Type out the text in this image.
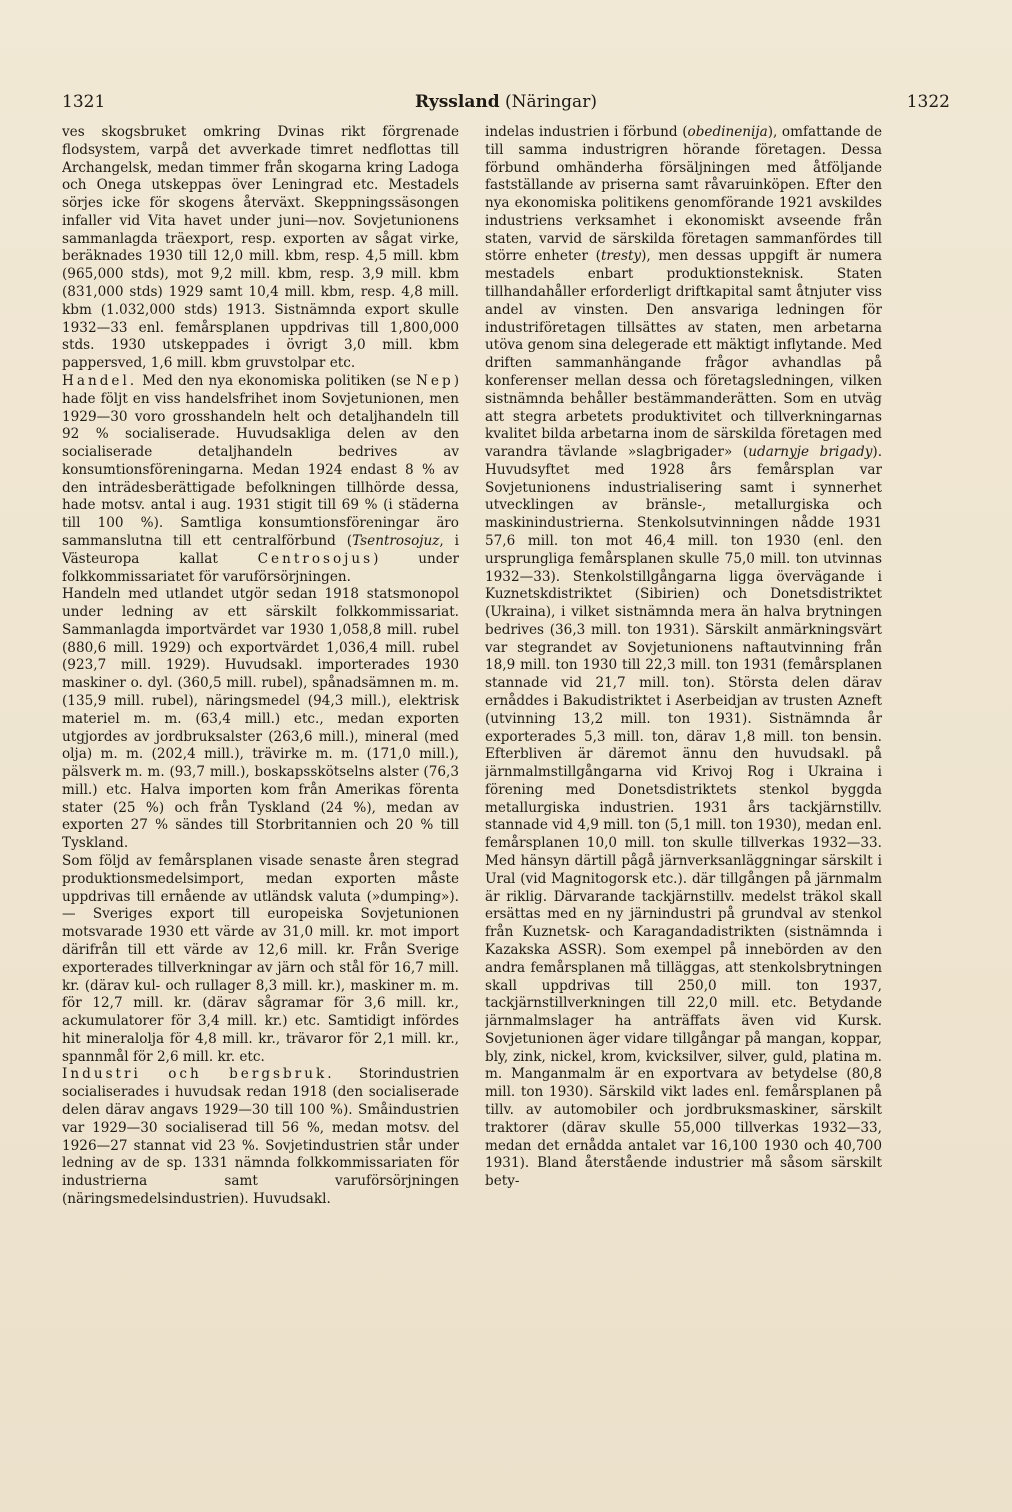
1321	Ryssland (Näringar)	1322

ves skogsbruket omkring Dvinas rikt förgrenade flodsystem, varpå det avverkade timret nedflottas till Archangelsk, medan timmer från skogarna kring Ladoga och Onega utskeppas över Leningrad etc. Mestadels sörjes icke för skogens återväxt. Skeppningssäsongen infaller vid Vita havet under juni—nov. Sovjetunionens sammanlagda träexport, resp. exporten av sågat virke, beräknades 1930 till 12,0 mill. kbm, resp. 4,5 mill. kbm (965,000 stds), mot 9,2 mill. kbm, resp. 3,9 mill. kbm (831,000 stds) 1929 samt 10,4 mill. kbm, resp. 4,8 mill. kbm (1.032,000 stds) 1913. Sistnämnda export skulle 1932—33 enl. femårsplanen uppdrivas till 1,800,000 stds. 1930 utskeppades i övrigt 3,0 mill. kbm pappersved, 1,6 mill. kbm gruvstolpar etc.

Handel. Med den nya ekonomiska politiken (se Nep) hade följt en viss handelsfrihet inom Sovjetunionen, men 1929—30 voro grosshandeln helt och detaljhandeln till 92 % socialiserade. Huvudsakliga delen av den socialiserade detaljhandeln bedrives av konsumtionsföreningarna. Medan 1924 endast 8 % av den inträdesberättigade befolkningen tillhörde dessa, hade motsv. antal i aug. 1931 stigit till 69 % (i städerna till 100 %). Samtliga konsumtionsföreningar äro sammanslutna till ett centralförbund (Tsentrosojuz, i Västeuropa kallat Centrosojus) under folkkommissariatet för varuförsörjningen.

Handeln med utlandet utgör sedan 1918 statsmonopol under ledning av ett särskilt folkkommissariat. Sammanlagda importvärdet var 1930 1,058,8 mill. rubel (880,6 mill. 1929) och exportvärdet 1,036,4 mill. rubel (923,7 mill. 1929). Huvudsakl. importerades 1930 maskiner o. dyl. (360,5 mill. rubel), spånadsämnen m. m. (135,9 mill. rubel), näringsmedel (94,3 mill.), elektrisk materiel m. m. (63,4 mill.) etc., medan exporten utgjordes av jordbruksalster (263,6 mill.), mineral (med olja) m. m. (202,4 mill.), trävirke m. m. (171,0 mill.), pälsverk m. m. (93,7 mill.), boskapsskötselns alster (76,3 mill.) etc. Halva importen kom från Amerikas förenta stater (25 %) och från Tyskland (24 %), medan av exporten 27 % sändes till Storbritannien och 20 % till Tyskland.

Som följd av femårsplanen visade senaste åren stegrad produktionsmedelsimport, medan exporten måste uppdrivas till ernående av utländsk valuta (»dumping»). — Sveriges export till europeiska Sovjetunionen motsvarade 1930 ett värde av 31,0 mill. kr. mot import därifrån till ett värde av 12,6 mill. kr. Från Sverige exporterades tillverkningar av järn och stål för 16,7 mill. kr. (därav kul- och rullager 8,3 mill. kr.), maskiner m. m. för 12,7 mill. kr. (därav sågramar för 3,6 mill. kr., ackumulatorer för 3,4 mill. kr.) etc. Samtidigt infördes hit mineralolja för 4,8 mill. kr., trävaror för 2,1 mill. kr., spannmål för 2,6 mill. kr. etc.

Industri och bergsbruk. Storindustrien socialiserades i huvudsak redan 1918 (den socialiserade delen därav angavs 1929—30 till 100 %). Småindustrien var 1929—30 socialiserad till 56 %, medan motsv. del 1926—27 stannat vid 23 %. Sovjetindustrien står under ledning av de sp. 1331 nämnda folkkommissariaten för industrierna samt varuförsörjningen (näringsmedelsindustrien). Huvudsakl.

indelas industrien i förbund (obedinenija), omfattande de till samma industrigren hörande företagen. Dessa förbund omhänderha försäljningen med åtföljande fastställande av priserna samt råvaruinköpen. Efter den nya ekonomiska politikens genomförande 1921 avskildes industriens verksamhet i ekonomiskt avseende från staten, varvid de särskilda företagen sammanfördes till större enheter (tresty), men dessas uppgift är numera mestadels enbart produktionsteknisk. Staten tillhandahåller erforderligt driftkapital samt åtnjuter viss andel av vinsten. Den ansvariga ledningen för industriföretagen tillsättes av staten, men arbetarna utöva genom sina delegerade ett mäktigt inflytande. Med driften sammanhängande frågor avhandlas på konferenser mellan dessa och företagsledningen, vilken sistnämnda behåller bestämmanderätten. Som en utväg att stegra arbetets produktivitet och tillverkningarnas kvalitet bilda arbetarna inom de särskilda företagen med varandra tävlande »slagbrigader» (udarnyje brigady). Huvudsyftet med 1928 års femårsplan var Sovjetunionens industrialisering samt i synnerhet utvecklingen av bränsle-, metallurgiska och maskinindustrierna. Stenkolsutvinningen nådde 1931 57,6 mill. ton mot 46,4 mill. ton 1930 (enl. den ursprungliga femårsplanen skulle 75,0 mill. ton utvinnas 1932—33). Stenkolstillgångarna ligga övervägande i Kuznetskdistriktet (Sibirien) och Donetsdistriktet (Ukraina), i vilket sistnämnda mera än halva brytningen bedrives (36,3 mill. ton 1931). Särskilt anmärkningsvärt var stegrandet av Sovjetunionens naftautvinning från 18,9 mill. ton 1930 till 22,3 mill. ton 1931 (femårsplanen stannade vid 21,7 mill. ton). Största delen därav ernåddes i Bakudistriktet i Aserbeidjan av trusten Azneft (utvinning 13,2 mill. ton 1931). Sistnämnda år exporterades 5,3 mill. ton, därav 1,8 mill. ton bensin. Efterbliven är däremot ännu den huvudsakl. på järnmalmstillgångarna vid Krivoj Rog i Ukraina i förening med Donetsdistriktets stenkol byggda metallurgiska industrien. 1931 års tackjärnstillv. stannade vid 4,9 mill. ton (5,1 mill. ton 1930), medan enl. femårsplanen 10,0 mill. ton skulle tillverkas 1932—33. Med hänsyn därtill pågå järnverksanläggningar särskilt i Ural (vid Magnitogorsk etc.). där tillgången på järnmalm är riklig. Därvarande tackjärnstillv. medelst träkol skall ersättas med en ny järnindustri på grundval av stenkol från Kuznetsk- och Karagandadistrikten (sistnämnda i Kazakska ASSR). Som exempel på innebörden av den andra femårsplanen må tilläggas, att stenkolsbrytningen skall uppdrivas till 250,0 mill. ton 1937, tackjärnstillverkningen till 22,0 mill. etc. Betydande järnmalmslager ha anträffats även vid Kursk. Sovjetunionen äger vidare tillgångar på mangan, koppar, bly, zink, nickel, krom, kvicksilver, silver, guld, platina m. m. Manganmalm är en exportvara av betydelse (80,8 mill. ton 1930). Särskild vikt lades enl. femårsplanen på tillv. av automobiler och jordbruksmaskiner, särskilt traktorer (därav skulle 55,000 tillverkas 1932—33, medan det ernådda antalet var 16,100 1930 och 40,700 1931). Bland återstående industrier må såsom särskilt bety-
